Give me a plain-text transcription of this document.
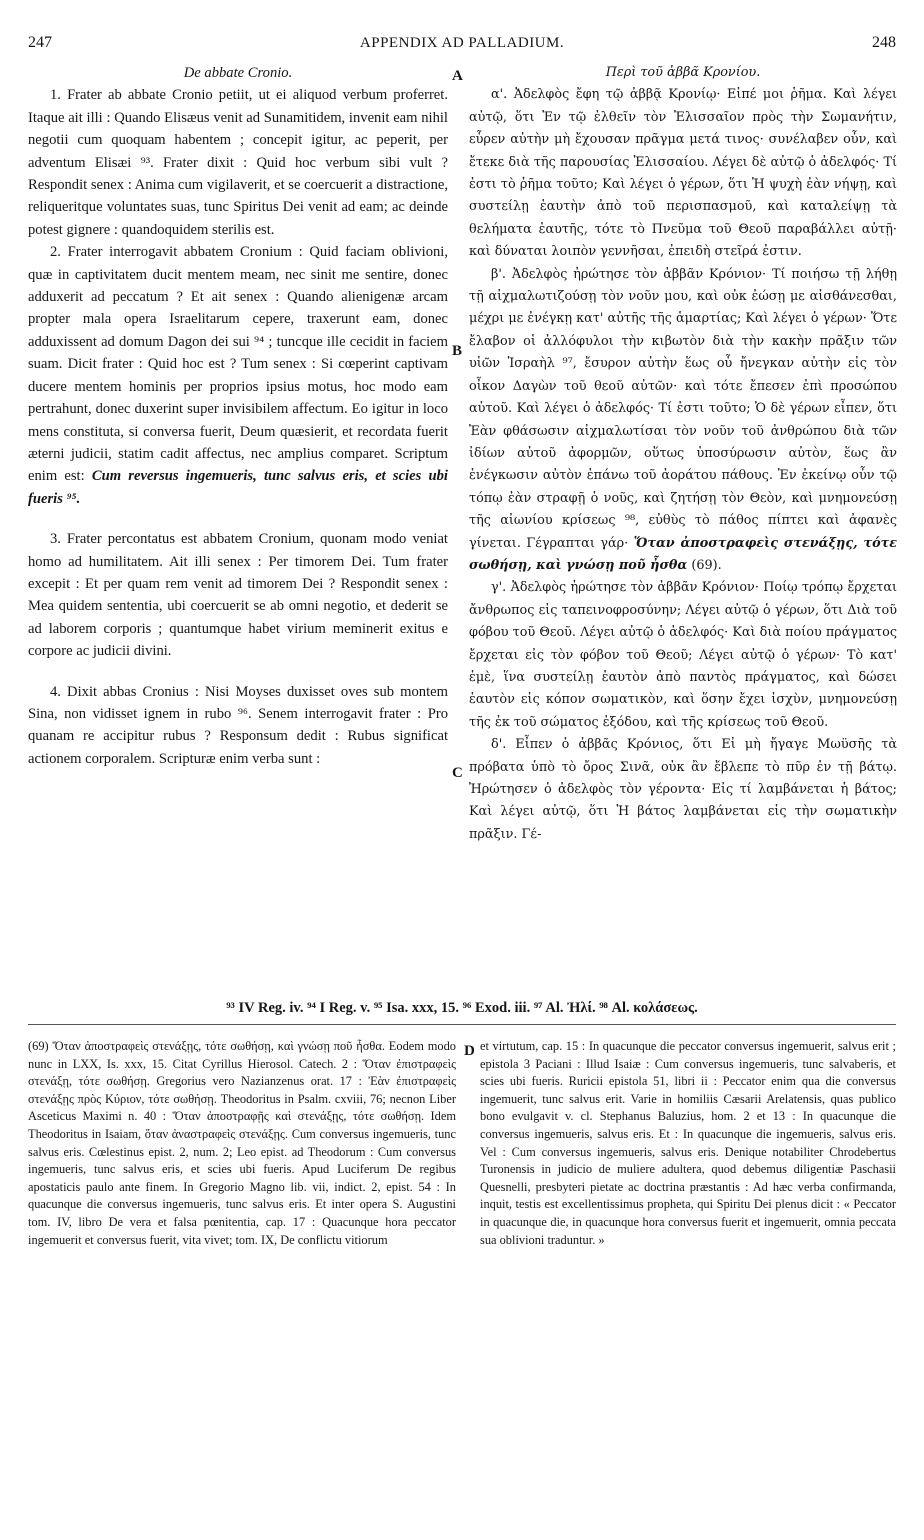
247	APPENDIX AD PALLADIUM.	248
A
B
C
D

De abbate Cronio.

1. Frater ab abbate Cronio petiit, ut ei aliquod verbum proferret. Itaque ait illi : Quando Elisæus venit ad Sunamitidem, invenit eam nihil negotii cum quoquam habentem ; concepit igitur, ac peperit, per adventum Elisæi ⁹³. Frater dixit : Quid hoc verbum sibi vult ? Respondit senex : Anima cum vigilaverit, et se coercuerit a distractione, reliqueritque voluntates suas, tunc Spiritus Dei venit ad eam; ac deinde potest gignere : quandoquidem sterilis est.

2. Frater interrogavit abbatem Cronium : Quid faciam oblivioni, quæ in captivitatem ducit mentem meam, nec sinit me sentire, donec adduxerit ad peccatum ? Et ait senex : Quando alienigenæ arcam propter mala opera Israelitarum cepere, traxerunt eam, donec adduxissent ad domum Dagon dei sui ⁹⁴ ; tuncque ille cecidit in faciem suam. Dicit frater : Quid hoc est ? Tum senex : Si cœperint captivam ducere mentem hominis per proprios ipsius motus, hoc modo eam pertrahunt, donec duxerint super invisibilem affectum. Eo igitur in loco mens constituta, si conversa fuerit, Deum quæsierit, et recordata fuerit æterni judicii, statim cadit affectus, nec amplius comparet. Scriptum enim est: Cum reversus ingemueris, tunc salvus eris, et scies ubi fueris ⁹⁵.

3. Frater percontatus est abbatem Cronium, quonam modo veniat homo ad humilitatem. Ait illi senex : Per timorem Dei. Tum frater excepit : Et per quam rem venit ad timorem Dei ? Respondit senex : Mea quidem sententia, ubi coercuerit se ab omni negotio, et dederit se ad laborem corporis ; quantumque habet virium meminerit exitus e corpore ac judicii divini.

4. Dixit abbas Cronius : Nisi Moyses duxisset oves sub montem Sina, non vidisset ignem in rubo ⁹⁶. Senem interrogavit frater : Pro quanam re accipitur rubus ? Responsum dedit : Rubus significat actionem corporalem. Scripturæ enim verba sunt :

Περὶ τοῦ ἀββᾶ Κρονίου.

α'. Ἀδελφὸς ἔφη τῷ ἀββᾷ Κρονίῳ· Εἰπέ μοι ῥῆμα. Καὶ λέγει αὐτῷ, ὅτι Ἐν τῷ ἐλθεῖν τὸν Ἐλισσαῖον πρὸς τὴν Σωμανήτιν, εὗρεν αὐτὴν μὴ ἔχουσαν πρᾶγμα μετά τινος· συνέλαβεν οὖν, καὶ ἔτεκε διὰ τῆς παρουσίας Ἐλισσαίου. Λέγει δὲ αὐτῷ ὁ ἀδελφός· Τί ἐστι τὸ ῥῆμα τοῦτο; Καὶ λέγει ὁ γέρων, ὅτι Ἡ ψυχὴ ἐὰν νήψῃ, καὶ συστείλῃ ἑαυτὴν ἀπὸ τοῦ περισπασμοῦ, καὶ καταλείψῃ τὰ θελήματα ἑαυτῆς, τότε τὸ Πνεῦμα τοῦ Θεοῦ παραβάλλει αὐτῇ· καὶ δύναται λοιπὸν γεννῆσαι, ἐπειδὴ στεῖρά ἐστιν.

β'. Ἀδελφὸς ἠρώτησε τὸν ἀββᾶν Κρόνιον· Τί ποιήσω τῇ λήθῃ τῇ αἰχμαλωτιζούσῃ τὸν νοῦν μου, καὶ οὐκ ἐώσῃ με αἰσθάνεσθαι, μέχρι με ἐνέγκῃ κατ' αὐτῆς τῆς ἁμαρτίας; Καὶ λέγει ὁ γέρων· Ὅτε ἔλαβον οἱ ἀλλόφυλοι τὴν κιβωτὸν διὰ τὴν κακὴν πρᾶξιν τῶν υἱῶν Ἰσραὴλ ⁹⁷, ἔσυρον αὐτὴν ἕως οὗ ἤνεγκαν αὐτὴν εἰς τὸν οἶκον Δαγὼν τοῦ θεοῦ αὐτῶν· καὶ τότε ἔπεσεν ἐπὶ προσώπου αὐτοῦ. Καὶ λέγει ὁ ἀδελφός· Τί ἐστι τοῦτο; Ὁ δὲ γέρων εἶπεν, ὅτι Ἐὰν φθάσωσιν αἰχμαλωτίσαι τὸν νοῦν τοῦ ἀνθρώπου διὰ τῶν ἰδίων αὐτοῦ ἀφορμῶν, οὕτως ὑποσύρωσιν αὐτὸν, ἕως ἂν ἐνέγκωσιν αὐτὸν ἐπάνω τοῦ ἀοράτου πάθους. Ἐν ἐκείνῳ οὖν τῷ τόπῳ ἐὰν στραφῇ ὁ νοῦς, καὶ ζητήσῃ τὸν Θεὸν, καὶ μνημονεύσῃ τῆς αἰωνίου κρίσεως ⁹⁸, εὐθὺς τὸ πάθος πίπτει καὶ ἀφανὲς γίνεται. Γέγραπται γάρ· Ὅταν ἀποστραφεὶς στενάξῃς, τότε σωθήσῃ, καὶ γνώσῃ ποῦ ἦσθα (69).

γ'. Ἀδελφὸς ἠρώτησε τὸν ἀββᾶν Κρόνιον· Ποίῳ τρόπῳ ἔρχεται ἄνθρωπος εἰς ταπεινοφροσύνην; Λέγει αὐτῷ ὁ γέρων, ὅτι Διὰ τοῦ φόβου τοῦ Θεοῦ. Λέγει αὐτῷ ὁ ἀδελφός· Καὶ διὰ ποίου πράγματος ἔρχεται εἰς τὸν φόβον τοῦ Θεοῦ; Λέγει αὐτῷ ὁ γέρων· Τὸ κατ' ἐμὲ, ἵνα συστείλῃ ἑαυτὸν ἀπὸ παντὸς πράγματος, καὶ δώσει ἑαυτὸν εἰς κόπον σωματικὸν, καὶ ὅσην ἔχει ἰσχὺν, μνημονεύσῃ τῆς ἐκ τοῦ σώματος ἐξόδου, καὶ τῆς κρίσεως τοῦ Θεοῦ.

δ'. Εἶπεν ὁ ἀββᾶς Κρόνιος, ὅτι Εἰ μὴ ἤγαγε Μωϋσῆς τὰ πρόβατα ὑπὸ τὸ ὄρος Σινᾶ, οὐκ ἂν ἔβλεπε τὸ πῦρ ἐν τῇ βάτῳ. Ἠρώτησεν ὁ ἀδελφὸς τὸν γέροντα· Εἰς τί λαμβάνεται ἡ βάτος; Καὶ λέγει αὐτῷ, ὅτι Ἡ βάτος λαμβάνεται εἰς τὴν σωματικὴν πρᾶξιν. Γέ-

⁹³ IV Reg. iv. ⁹⁴ I Reg. v. ⁹⁵ Isa. xxx, 15. ⁹⁶ Exod. iii. ⁹⁷ Al. Ἠλί. ⁹⁸ Al. κολάσεως.

(69) Ὅταν ἀποστραφεὶς στενάξῃς, τότε σωθήσῃ, καὶ γνώσῃ ποῦ ἦσθα. Eodem modo nunc in LXX, Is. xxx, 15. Citat Cyrillus Hierosol. Catech. 2 : Ὅταν ἐπιστραφεὶς στενάξῃ, τότε σωθήσῃ. Gregorius vero Nazianzenus orat. 17 : Ἐὰν ἐπιστραφεὶς στενάξῃς πρὸς Κύριον, τότε σωθήσῃ. Theodoritus in Psalm. cxviii, 76; necnon Liber Asceticus Maximi n. 40 : Ὅταν ἀποστραφῇς καὶ στενάξῃς, τότε σωθήσῃ. Idem Theodoritus in Isaiam, ὅταν ἀναστραφεὶς στενάξῃς. Cum conversus ingemueris, tunc salvus eris. Cœlestinus epist. 2, num. 2; Leo epist. ad Theodorum : Cum conversus ingemueris, tunc salvus eris, et scies ubi fueris. Apud Luciferum De regibus apostaticis paulo ante finem. In Gregorio Magno lib. vii, indict. 2, epist. 54 : In quacunque die conversus ingemueris, tunc salvus eris. Et inter opera S. Augustini tom. IV, libro De vera et falsa pœnitentia, cap. 17 : Quacunque hora peccator ingemuerit et conversus fuerit, vita vivet; tom. IX, De conflictu vitiorum

et virtutum, cap. 15 : In quacunque die peccator conversus ingemuerit, salvus erit ; epistola 3 Paciani : Illud Isaiæ : Cum conversus ingemueris, tunc salvaberis, et scies ubi fueris. Ruricii epistola 51, libri ii : Peccator enim qua die conversus ingemuerit, tunc salvus erit. Varie in homiliis Cæsarii Arelatensis, quas publico bono evulgavit v. cl. Stephanus Baluzius, hom. 2 et 13 : In quacunque die conversus ingemueris, salvus eris. Et : In quacunque die ingemueris, salvus eris. Vel : Cum conversus ingemueris, salvus eris. Denique notabiliter Chrodebertus Turonensis in judicio de muliere adultera, quod debemus diligentiæ Paschasii Quesnelli, presbyteri pietate ac doctrina præstantis : Ad hæc verba confirmanda, inquit, testis est excellentissimus propheta, qui Spiritu Dei plenus dicit : « Peccator in quacunque die, in quacunque hora conversus fuerit et ingemuerit, omnia peccata sua oblivioni traduntur. »
